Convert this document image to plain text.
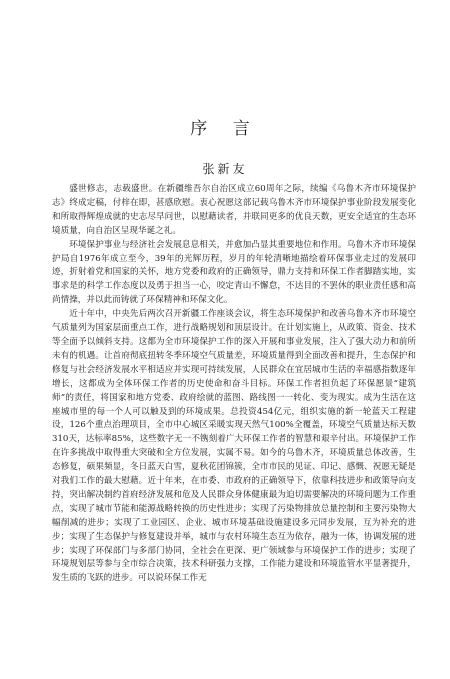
序 言
张新友

盛世修志，志载盛世。在新疆维吾尔自治区成立60周年之际，续编《乌鲁木齐市环境保护志》终成定稿，付梓在即，甚感欣慰。衷心祝愿这部记载乌鲁木齐市环境保护事业阶段发展变化和所取得辉煌成就的史志尽早问世，以慰藉读者，并联同更多的优良天数，更安全适宜的生态环境质量，向自治区呈现华诞之礼。

环境保护事业与经济社会发展息息相关，并愈加凸显其重要地位和作用。乌鲁木齐市环境保护局自1976年成立至今，39年的光辉历程，岁月的年轮清晰地描绘着环保事业走过的发展印迹，折射着党和国家的关怀，地方党委和政府的正确领导，鼎力支持和环保工作者脚踏实地，实事求是的科学工作态度以及勇于担当一心，咬定青山不懈怠，不达目的不罢休的职业责任感和高尚情操，并以此而铸就了环保精神和环保文化。

近十年中，中央先后两次召开新疆工作座谈会议，将生态环境保护和改善乌鲁木齐市环境空气质量列为国家层面重点工作，进行战略规划和顶层设计。在计划实施上，从政策、资金、技术等全面予以倾斜支持。这都为全市环境保护工作的深入开展和事业发展，注入了强大动力和前所未有的机遇。让首府彻底扭转冬季环境空气质量差，环境质量得到全面改善和提升，生态保护和修复与社会经济发展水平相适应并实现可持续发展，人民群众在宜居城市生活的幸福感指数逐年增长，这都成为全体环保工作者的历史使命和奋斗目标。环保工作者担负起了环保愿景“建筑师”的责任，将国家和地方党委、政府绘就的蓝图、路线图一一转化、变为现实。成为生活在这座城市里的每一个人可以触及到的环境成果。总投资454亿元，组织实施的新一轮蓝天工程建设，126个重点治理项目，全市中心城区采暖实现天然气100%全覆盖，环境空气质量达标天数310天，达标率85%，这些数字无一不镌刻着广大环保工作者的智慧和艰辛付出。环境保护工作在许多挑战中取得重大突破和全方位发展，实属不易。如今的乌鲁木齐，环境质量总体改善，生态修复，硕果频显，冬日蓝天白雪，夏秋花团锦簇，全市市民的见证、印记、感慨、祝愿无疑是对我们工作的最大慰藉。近十年来，在市委、市政府的正确领导下，依靠科技进步和政策导向支持，突出解决制约首府经济发展和危及人民群众身体健康最为迫切需要解决的环境问题为工作重点，实现了城市节能和能源战略转换的历史性进步；实现了污染物排放总量控制和主要污染物大幅削减的进步；实现了工业园区、企业、城市环境基础设施建设多元同步发展，互为补充的进步；实现了生态保护与修复建设并举，城市与农村环境生态互为依存，融为一体，协调发展的进步；实现了环保部门与多部门协同，全社会在更深、更广领域参与环境保护工作的进步；实现了环境规划层等参与全市综合决策，技术科研强力支撑，工作能力建设和环境监管水平显著提升，发生质的飞跃的进步。可以说环保工作无
